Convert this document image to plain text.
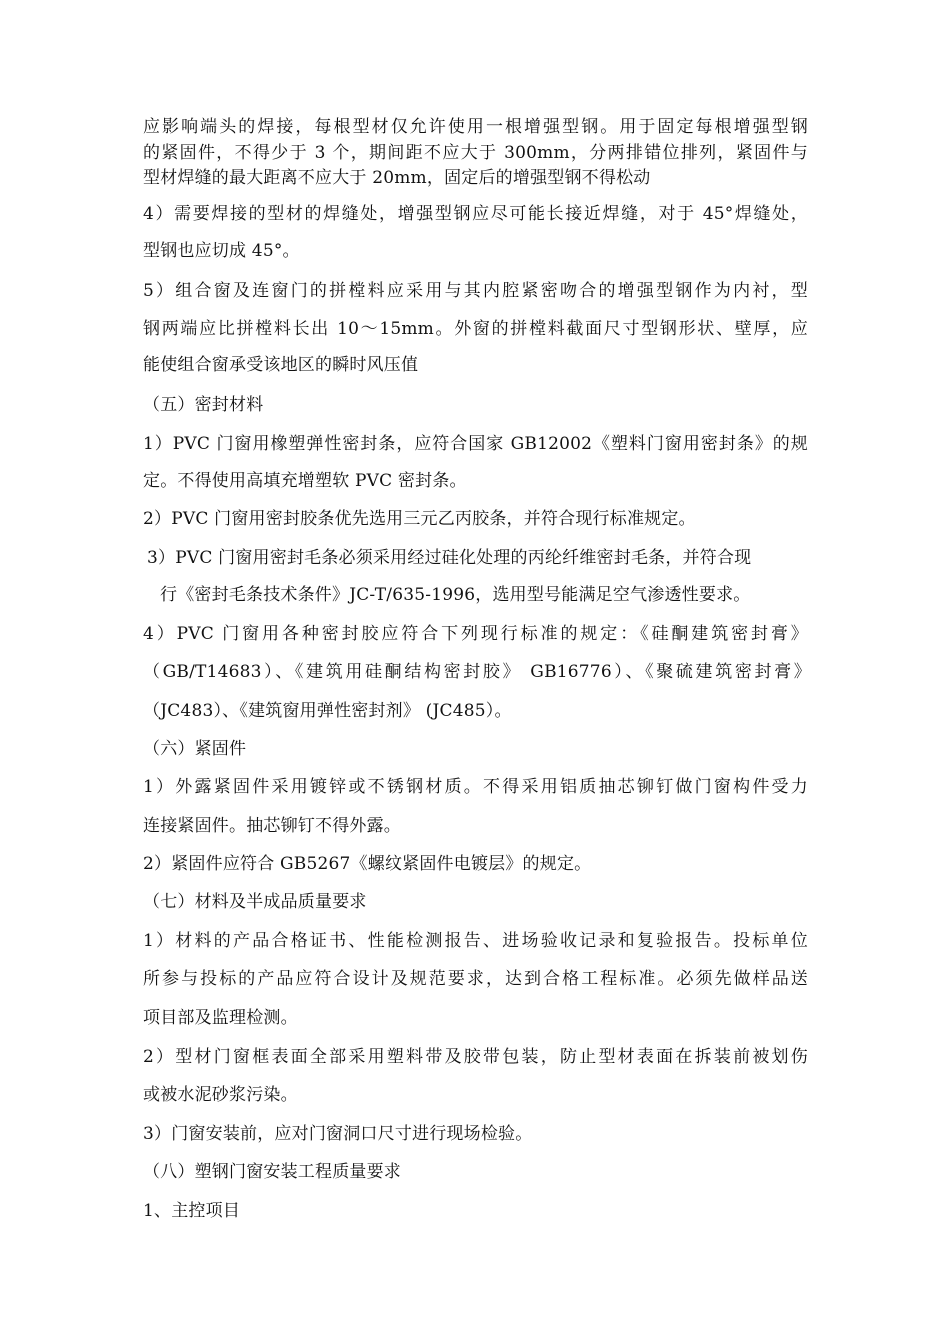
应影响端头的焊接，每根型材仅允许使用一根增强型钢。用于固定每根增强型钢
的紧固件，不得少于 3 个，期间距不应大于 300mm，分两排错位排列，紧固件与
型材焊缝的最大距离不应大于 20mm，固定后的增强型钢不得松动
4）需要焊接的型材的焊缝处，增强型钢应尽可能长接近焊缝，对于 45°焊缝处，
型钢也应切成 45°。
5）组合窗及连窗门的拼樘料应采用与其内腔紧密吻合的增强型钢作为内衬，型
钢两端应比拼樘料长出 10～15mm。外窗的拼樘料截面尺寸型钢形状、壁厚，应
能使组合窗承受该地区的瞬时风压值
（五）密封材料
1）PVC 门窗用橡塑弹性密封条，应符合国家 GB12002《塑料门窗用密封条》的规
定。不得使用高填充增塑软 PVC 密封条。
2）PVC 门窗用密封胶条优先选用三元乙丙胶条，并符合现行标准规定。
3）PVC 门窗用密封毛条必须采用经过硅化处理的丙纶纤维密封毛条，并符合现
行《密封毛条技术条件》JC-T/635-1996，选用型号能满足空气渗透性要求。
4）PVC 门窗用各种密封胶应符合下列现行标准的规定：《硅酮建筑密封膏》
（GB/T14683）、《建筑用硅酮结构密封胶》 GB16776）、《聚硫建筑密封膏》
（JC483）、《建筑窗用弹性密封剂》 (JC485）。
（六）紧固件
1）外露紧固件采用镀锌或不锈钢材质。不得采用铝质抽芯铆钉做门窗构件受力
连接紧固件。抽芯铆钉不得外露。
2）紧固件应符合 GB5267《螺纹紧固件电镀层》的规定。
（七）材料及半成品质量要求
1）材料的产品合格证书、性能检测报告、进场验收记录和复验报告。投标单位
所参与投标的产品应符合设计及规范要求，达到合格工程标准。必须先做样品送
项目部及监理检测。
2）型材门窗框表面全部采用塑料带及胶带包装，防止型材表面在拆装前被划伤
或被水泥砂浆污染。
3）门窗安装前，应对门窗洞口尺寸进行现场检验。
（八）塑钢门窗安装工程质量要求
1、主控项目
